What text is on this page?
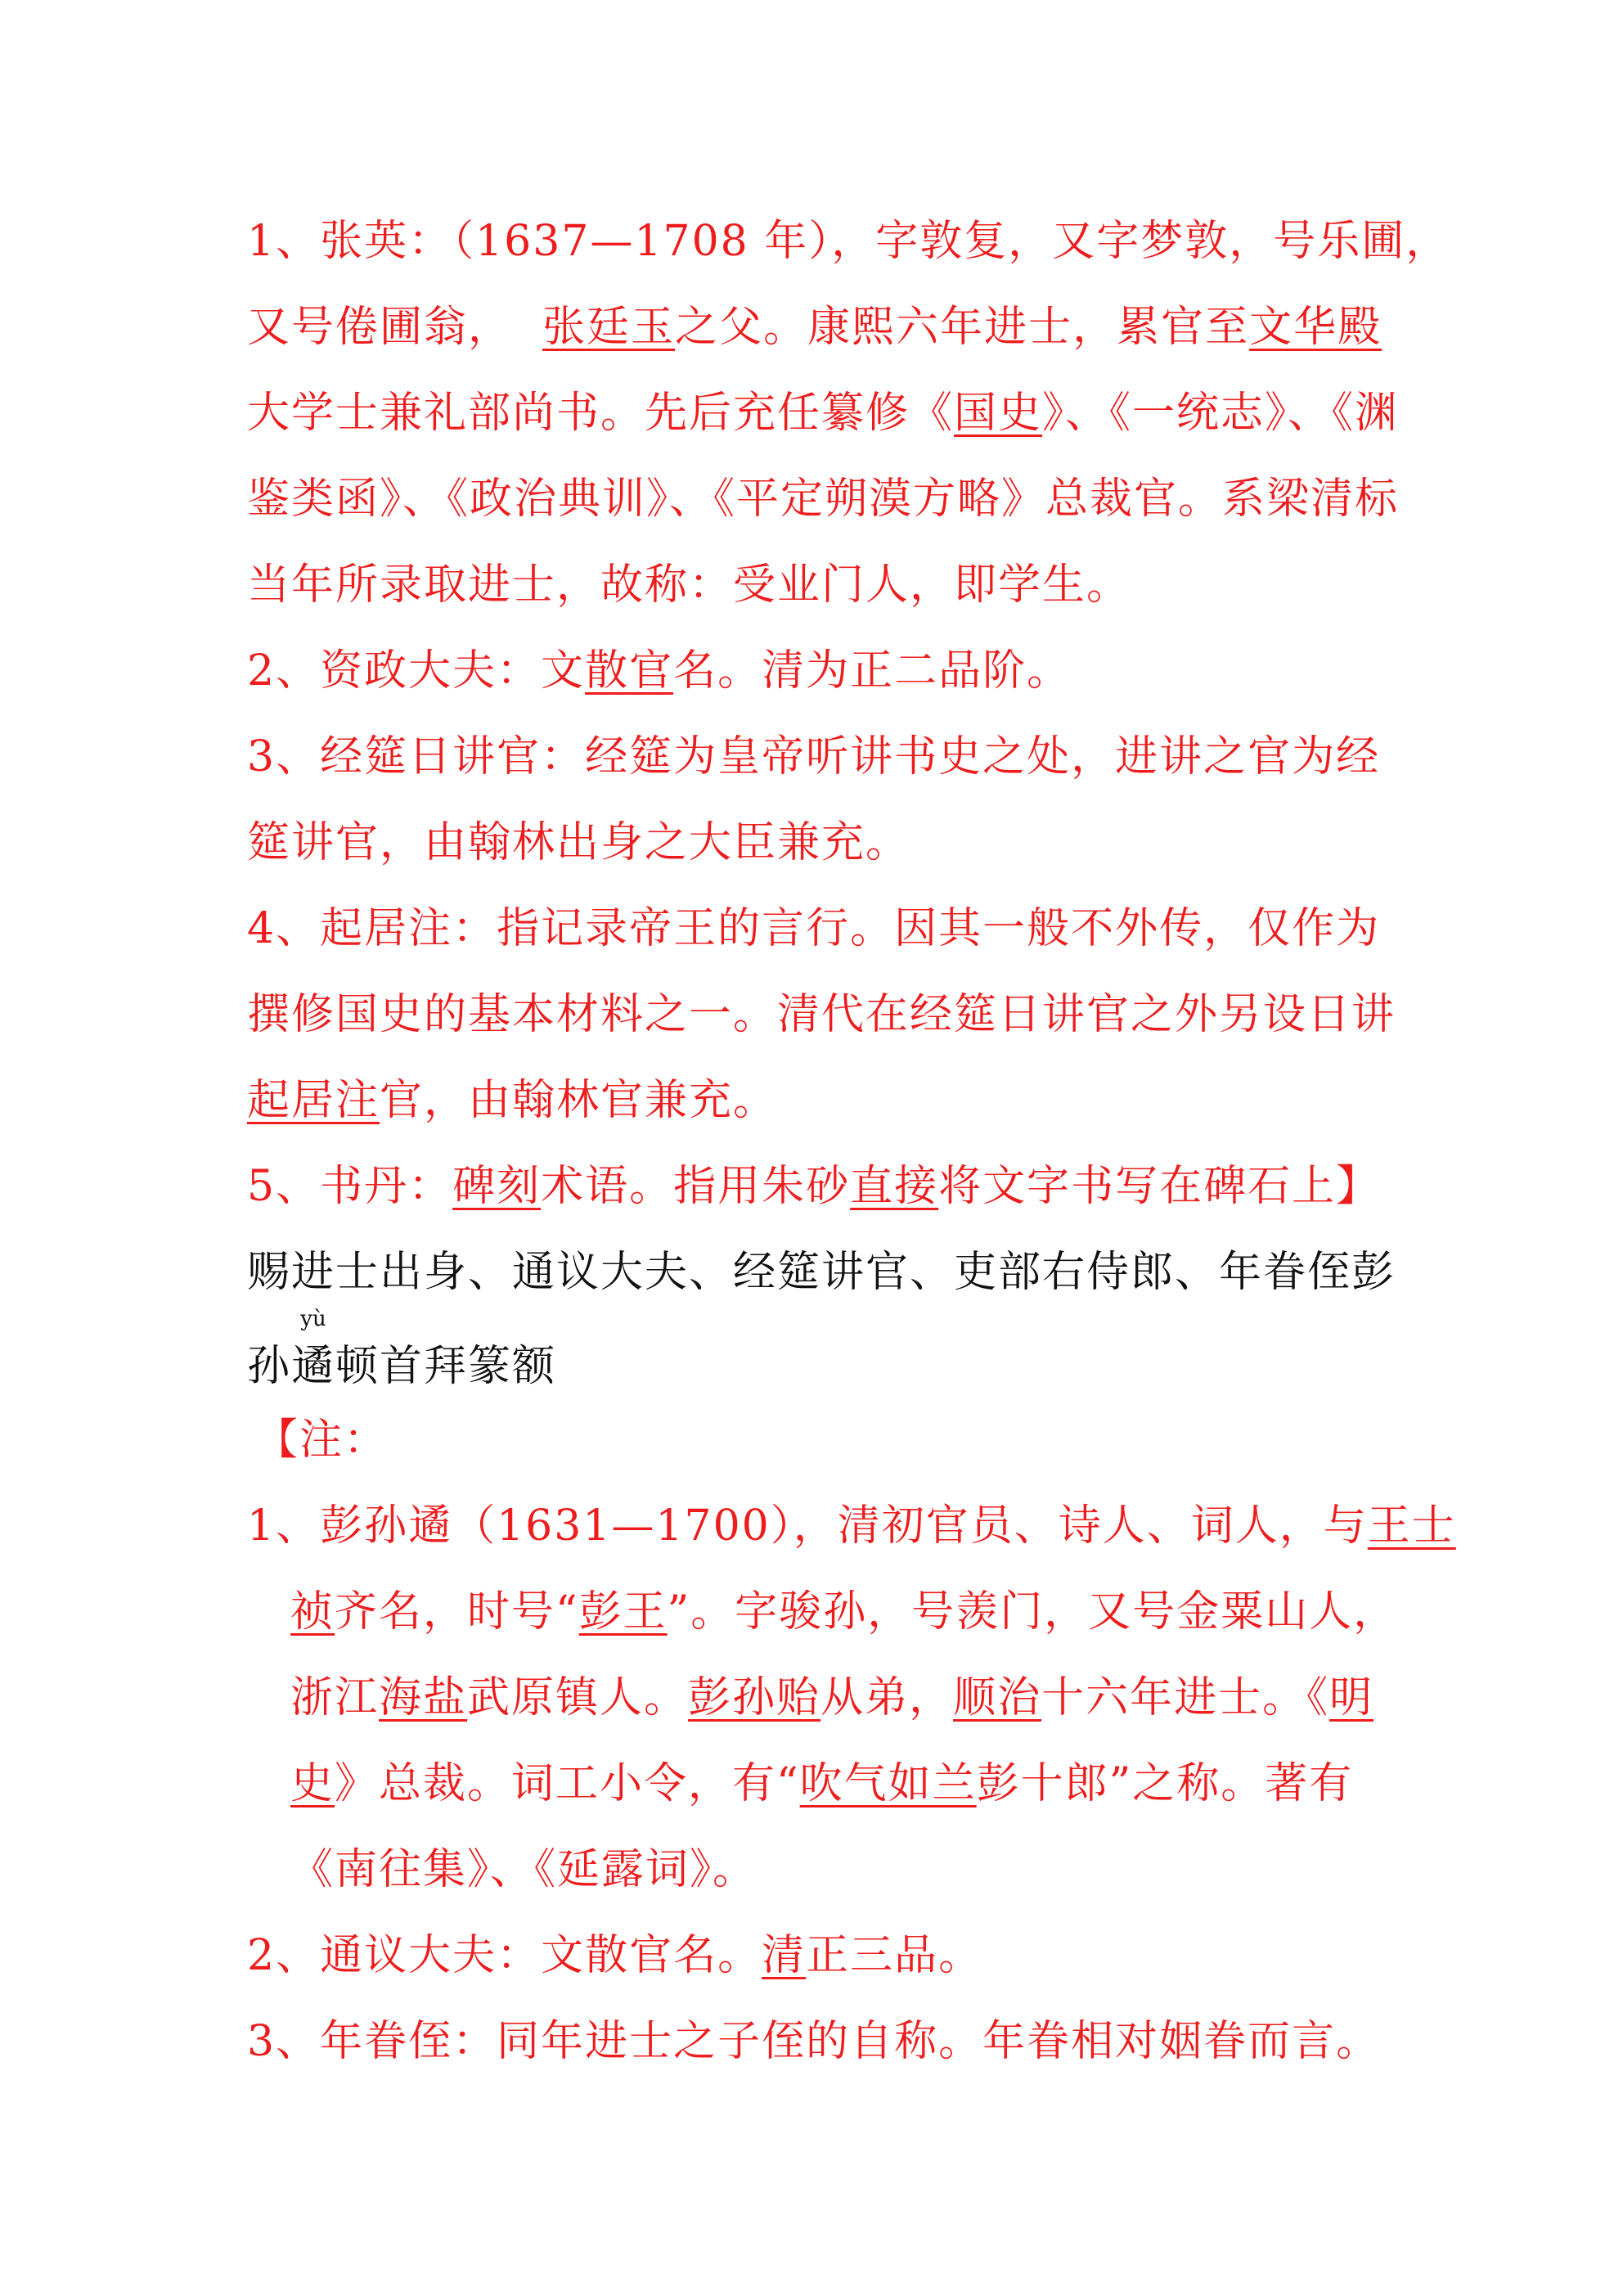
1、张英：（1637—1708 年），字敦复，又字梦敦，号乐圃，
又号倦圃翁，  张廷玉之父。康熙六年进士，累官至文华殿
大学士兼礼部尚书。先后充任纂修《国史》、《一统志》、《渊
鉴类函》、《政治典训》、《平定朔漠方略》总裁官。系梁清标
当年所录取进士，故称：受业门人，即学生。
2、资政大夫：文散官名。清为正二品阶。
3、经筵日讲官：经筵为皇帝听讲书史之处，进讲之官为经
筵讲官，由翰林出身之大臣兼充。
4、起居注：指记录帝王的言行。因其一般不外传，仅作为
撰修国史的基本材料之一。清代在经筵日讲官之外另设日讲
起居注官，由翰林官兼充。
5、书丹：碑刻术语。指用朱砂直接将文字书写在碑石上】
赐进士出身、通议大夫、经筵讲官、吏部右侍郎、年眷侄彭
孙
yù
遹顿首拜篆额
【注：
1、彭孙遹（1631—1700），清初官员、诗人、词人，与王士
祯齐名，时号“彭王”。字骏孙，号羡门，又号金粟山人，
浙江海盐武原镇人。彭孙贻从弟，顺治十六年进士。《明
史》总裁。词工小令，有“吹气如兰彭十郎”之称。著有
《南往集》、《延露词》。
2、通议大夫：文散官名。清正三品。
3、年眷侄：同年进士之子侄的自称。年眷相对姻眷而言。
